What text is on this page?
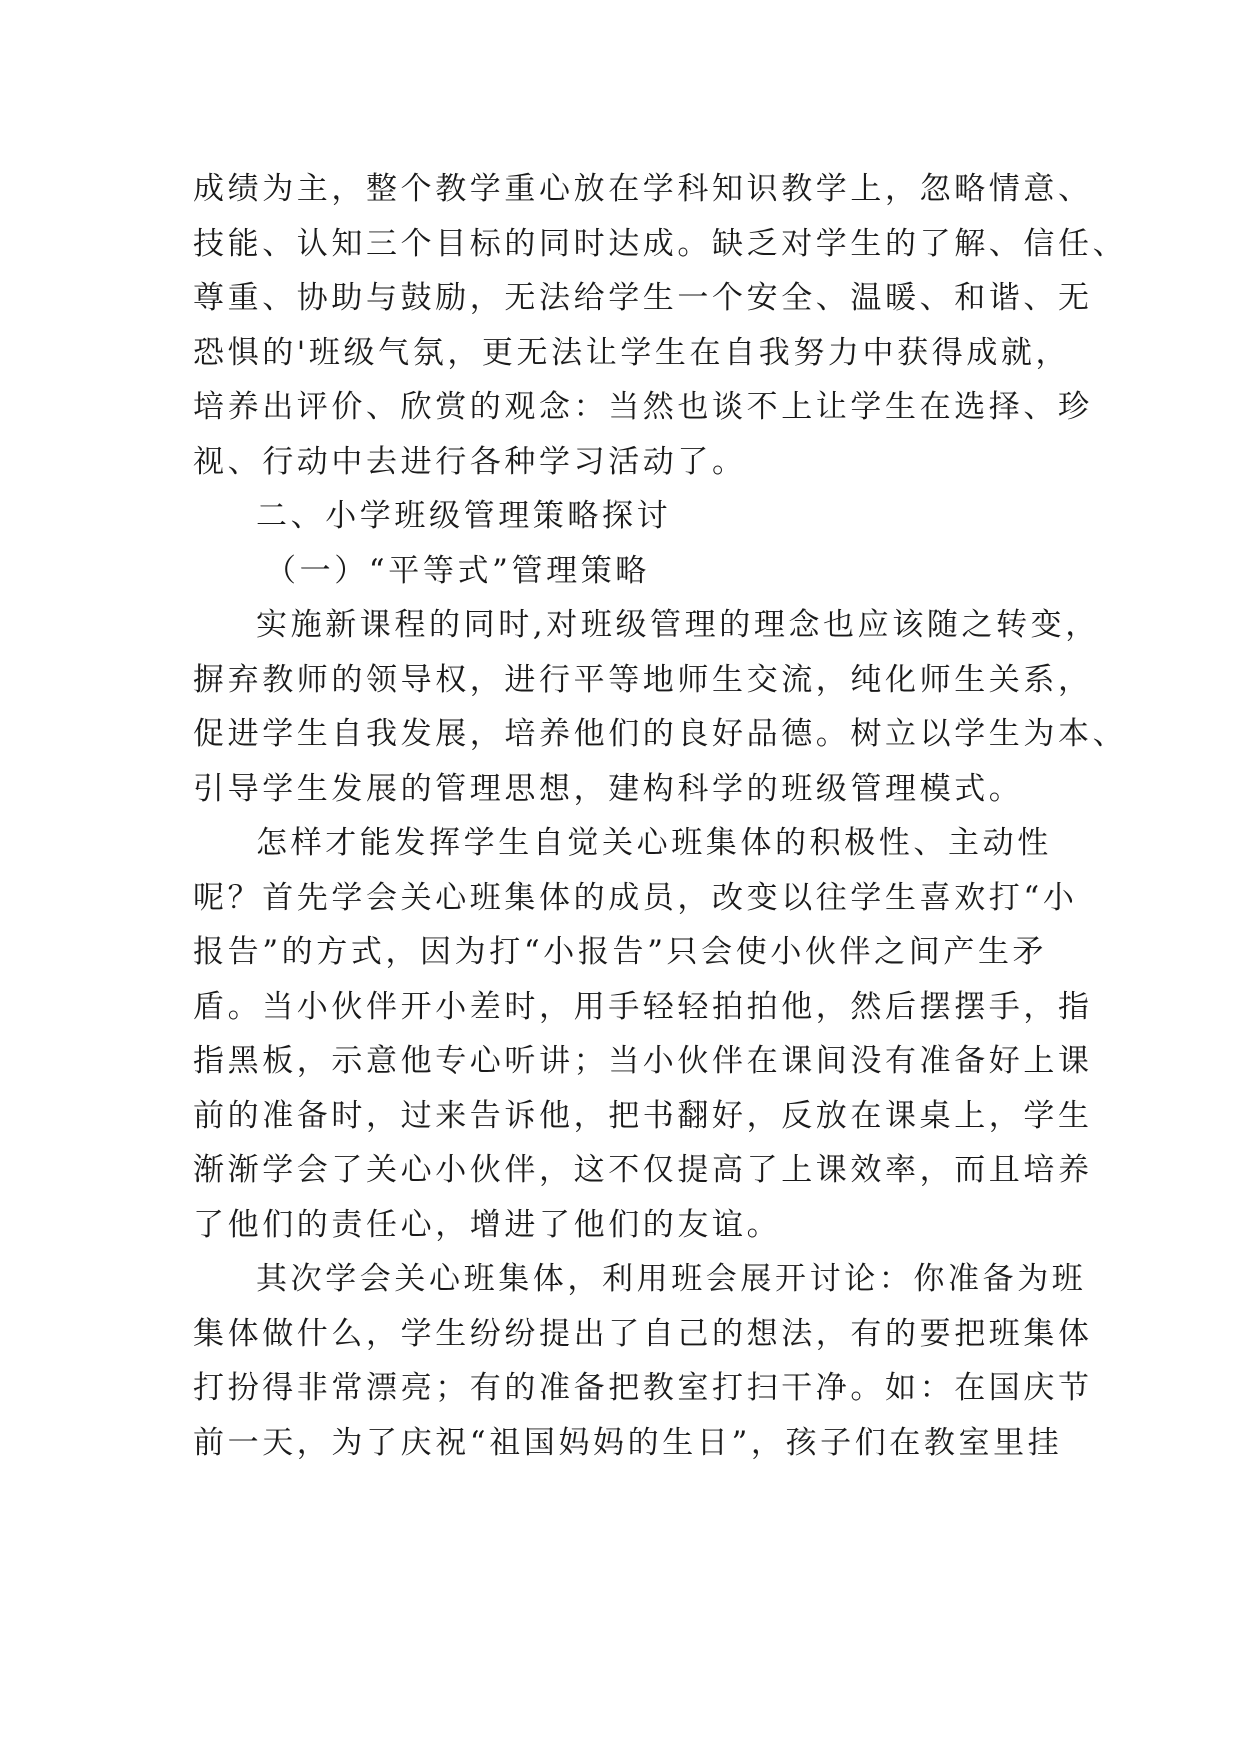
成绩为主，整个教学重心放在学科知识教学上，忽略情意、
技能、认知三个目标的同时达成。缺乏对学生的了解、信任、
尊重、协助与鼓励，无法给学生一个安全、温暖、和谐、无
恐惧的'班级气氛，更无法让学生在自我努力中获得成就，
培养出评价、欣赏的观念：当然也谈不上让学生在选择、珍
视、行动中去进行各种学习活动了。
二、小学班级管理策略探讨
（一）“平等式”管理策略
实施新课程的同时,对班级管理的理念也应该随之转变，
摒弃教师的领导权，进行平等地师生交流，纯化师生关系，
促进学生自我发展，培养他们的良好品德。树立以学生为本、
引导学生发展的管理思想，建构科学的班级管理模式。
怎样才能发挥学生自觉关心班集体的积极性、主动性
呢？首先学会关心班集体的成员，改变以往学生喜欢打“小
报告”的方式，因为打“小报告”只会使小伙伴之间产生矛
盾。当小伙伴开小差时，用手轻轻拍拍他，然后摆摆手，指
指黑板，示意他专心听讲；当小伙伴在课间没有准备好上课
前的准备时，过来告诉他，把书翻好，反放在课桌上，学生
渐渐学会了关心小伙伴，这不仅提高了上课效率，而且培养
了他们的责任心，增进了他们的友谊。
其次学会关心班集体，利用班会展开讨论：你准备为班
集体做什么，学生纷纷提出了自己的想法，有的要把班集体
打扮得非常漂亮；有的准备把教室打扫干净。如：在国庆节
前一天，为了庆祝“祖国妈妈的生日”，孩子们在教室里挂
